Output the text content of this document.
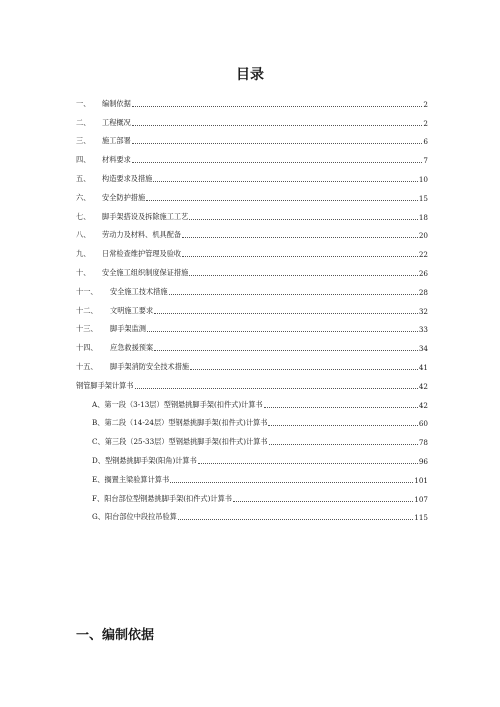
目录
一、	编制依据	2
二、	工程概况	2
三、	施工部署	6
四、	材料要求	7
五、	构造要求及措施	10
六、	安全防护措施	15
七、	脚手架搭设及拆除施工工艺	18
八、	劳动力及材料、机具配备	20
九、	日常检查维护管理及验收	22
十、	安全施工组织制度保证措施	26
十一、	安全施工技术措施	28
十二、	文明施工要求	32
十三、	脚手架监测	33
十四、	应急救援预案	34
十五、	脚手架消防安全技术措施	41
钢管脚手架计算书	42
A、 第一段（3-13层）型钢悬挑脚手架(扣件式)计算书	42
B、 第二段（14-24层）型钢悬挑脚手架(扣件式)计算书	60
C、 第三段（25-33层）型钢悬挑脚手架(扣件式)计算书	78
D、 型钢悬挑脚手架(阳角)计算书	96
E、 搁置主梁验算计算书	101
F、 阳台部位型钢悬挑脚手架(扣件式)计算书	107
G、 阳台部位中段拉吊验算	115
一、编制依据
